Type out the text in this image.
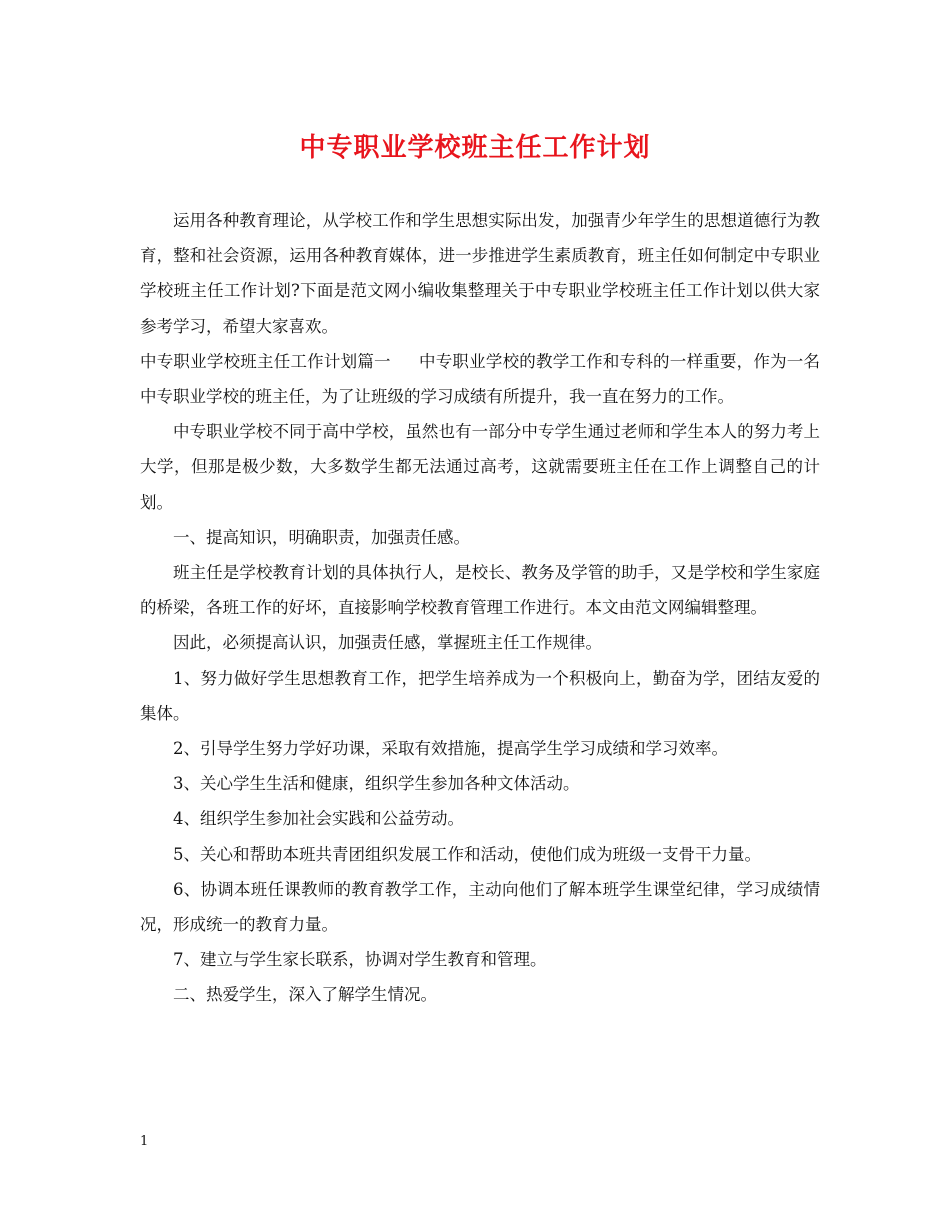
中专职业学校班主任工作计划

运用各种教育理论，从学校工作和学生思想实际出发，加强青少年学生的思想道德行为教育，整和社会资源，运用各种教育媒体，进一步推进学生素质教育，班主任如何制定中专职业学校班主任工作计划?下面是范文网小编收集整理关于中专职业学校班主任工作计划以供大家参考学习，希望大家喜欢。

中专职业学校班主任工作计划篇一 中专职业学校的教学工作和专科的一样重要，作为一名中专职业学校的班主任，为了让班级的学习成绩有所提升，我一直在努力的工作。

中专职业学校不同于高中学校，虽然也有一部分中专学生通过老师和学生本人的努力考上大学，但那是极少数，大多数学生都无法通过高考，这就需要班主任在工作上调整自己的计划。

一、提高知识，明确职责，加强责任感。

班主任是学校教育计划的具体执行人，是校长、教务及学管的助手，又是学校和学生家庭的桥梁，各班工作的好坏，直接影响学校教育管理工作进行。本文由范文网编辑整理。

因此，必须提高认识，加强责任感，掌握班主任工作规律。

1、努力做好学生思想教育工作，把学生培养成为一个积极向上，勤奋为学，团结友爱的集体。

2、引导学生努力学好功课，采取有效措施，提高学生学习成绩和学习效率。

3、关心学生生活和健康，组织学生参加各种文体活动。

4、组织学生参加社会实践和公益劳动。

5、关心和帮助本班共青团组织发展工作和活动，使他们成为班级一支骨干力量。

6、协调本班任课教师的教育教学工作，主动向他们了解本班学生课堂纪律，学习成绩情况，形成统一的教育力量。

7、建立与学生家长联系，协调对学生教育和管理。

二、热爱学生，深入了解学生情况。

1
